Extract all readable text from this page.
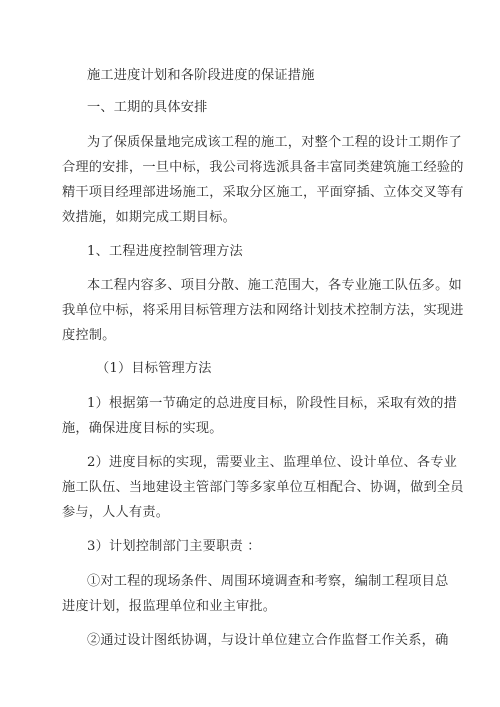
施工进度计划和各阶段进度的保证措施
一、工期的具体安排
为了保质保量地完成该工程的施工，对整个工程的设计工期作了
合理的安排，一旦中标，我公司将选派具备丰富同类建筑施工经验的
精干项目经理部进场施工，采取分区施工，平面穿插、立体交叉等有
效措施，如期完成工期目标。
1、工程进度控制管理方法
本工程内容多、项目分散、施工范围大，各专业施工队伍多。如
我单位中标，将采用目标管理方法和网络计划技术控制方法，实现进
度控制。
（1）目标管理方法
1）根据第一节确定的总进度目标，阶段性目标，采取有效的措
施，确保进度目标的实现。
2）进度目标的实现，需要业主、监理单位、设计单位、各专业
施工队伍、当地建设主管部门等多家单位互相配合、协调，做到全员
参与，人人有责。
3）计划控制部门主要职责 ：
①对工程的现场条件、周围环境调查和考察，编制工程项目总
进度计划，报监理单位和业主审批。
②通过设计图纸协调，与设计单位建立合作监督工作关系，确
